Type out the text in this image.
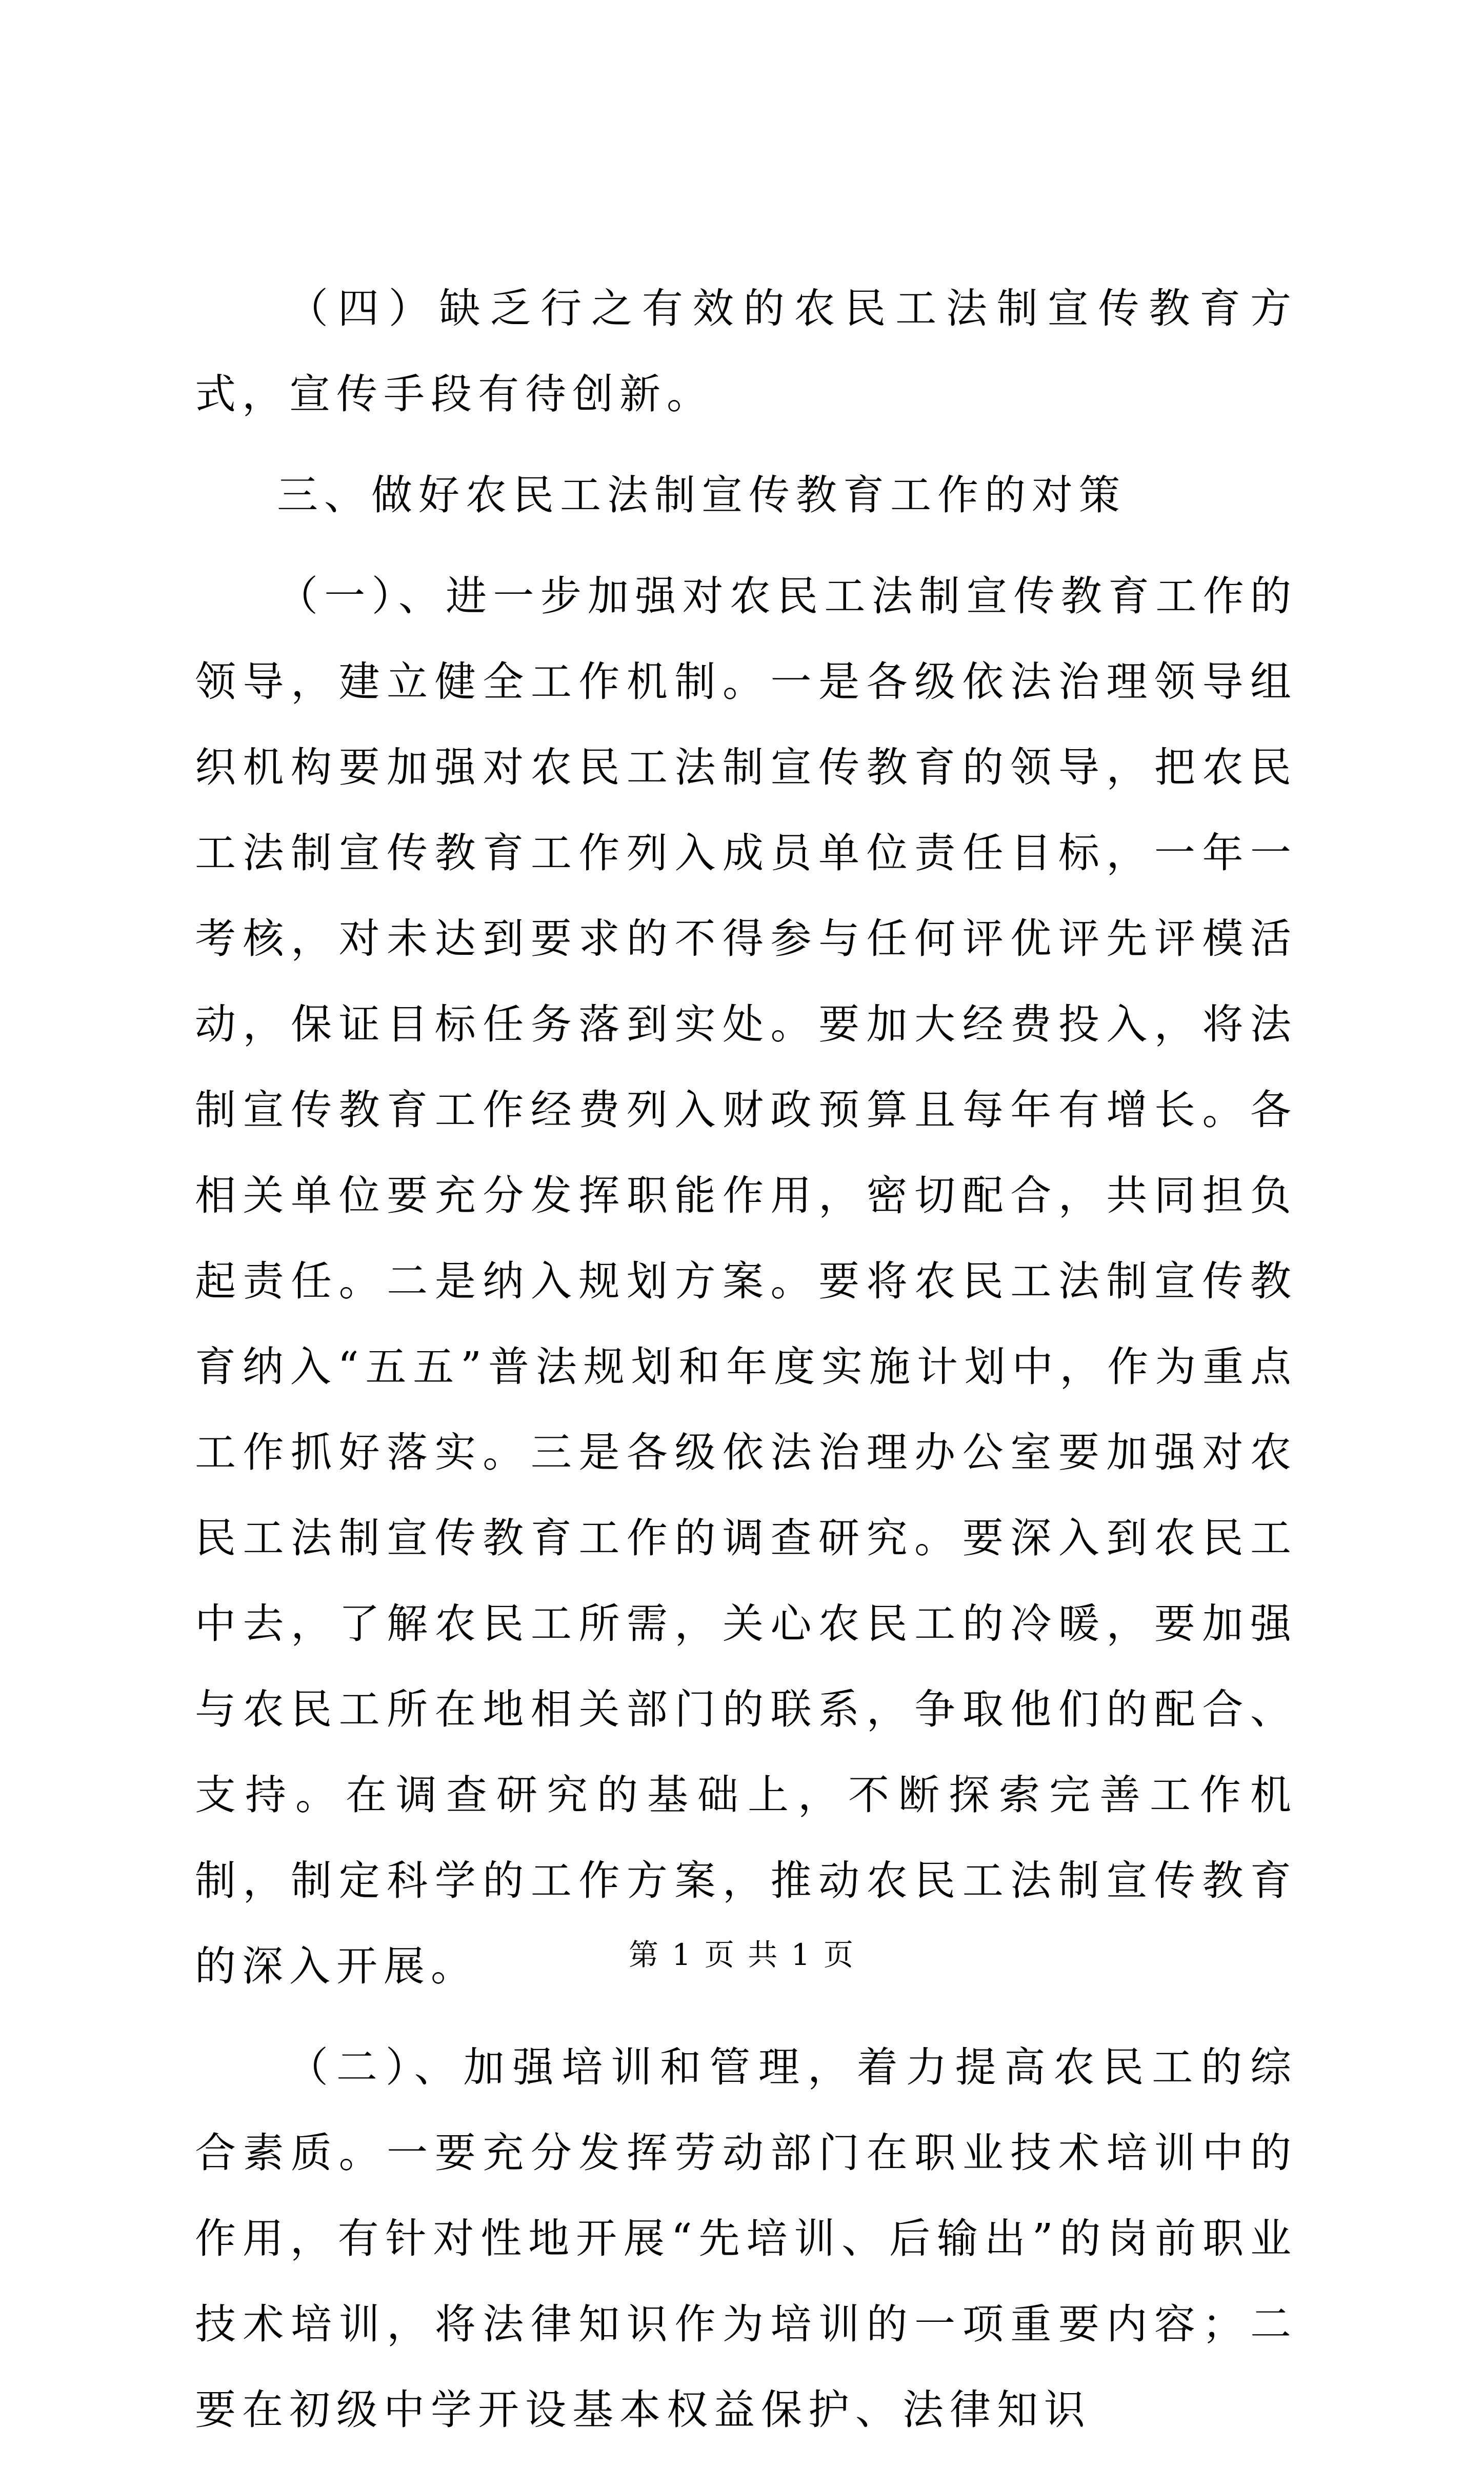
（四）缺乏行之有效的农民工法制宣传教育方式，宣传手段有待创新。

三、做好农民工法制宣传教育工作的对策

（一）、进一步加强对农民工法制宣传教育工作的领导，建立健全工作机制。一是各级依法治理领导组织机构要加强对农民工法制宣传教育的领导，把农民工法制宣传教育工作列入成员单位责任目标，一年一考核，对未达到要求的不得参与任何评优评先评模活动，保证目标任务落到实处。要加大经费投入，将法制宣传教育工作经费列入财政预算且每年有增长。各相关单位要充分发挥职能作用，密切配合，共同担负起责任。二是纳入规划方案。要将农民工法制宣传教育纳入“五五”普法规划和年度实施计划中，作为重点工作抓好落实。三是各级依法治理办公室要加强对农民工法制宣传教育工作的调查研究。要深入到农民工中去，了解农民工所需，关心农民工的冷暖，要加强与农民工所在地相关部门的联系，争取他们的配合、支持。在调查研究的基础上，不断探索完善工作机制，制定科学的工作方案，推动农民工法制宣传教育的深入开展。

（二）、加强培训和管理，着力提高农民工的综合素质。一要充分发挥劳动部门在职业技术培训中的作用，有针对性地开展“先培训、后输出”的岗前职业技术培训，将法律知识作为培训的一项重要内容；二要在初级中学开设基本权益保护、法律知识

第 1 页 共 1 页
